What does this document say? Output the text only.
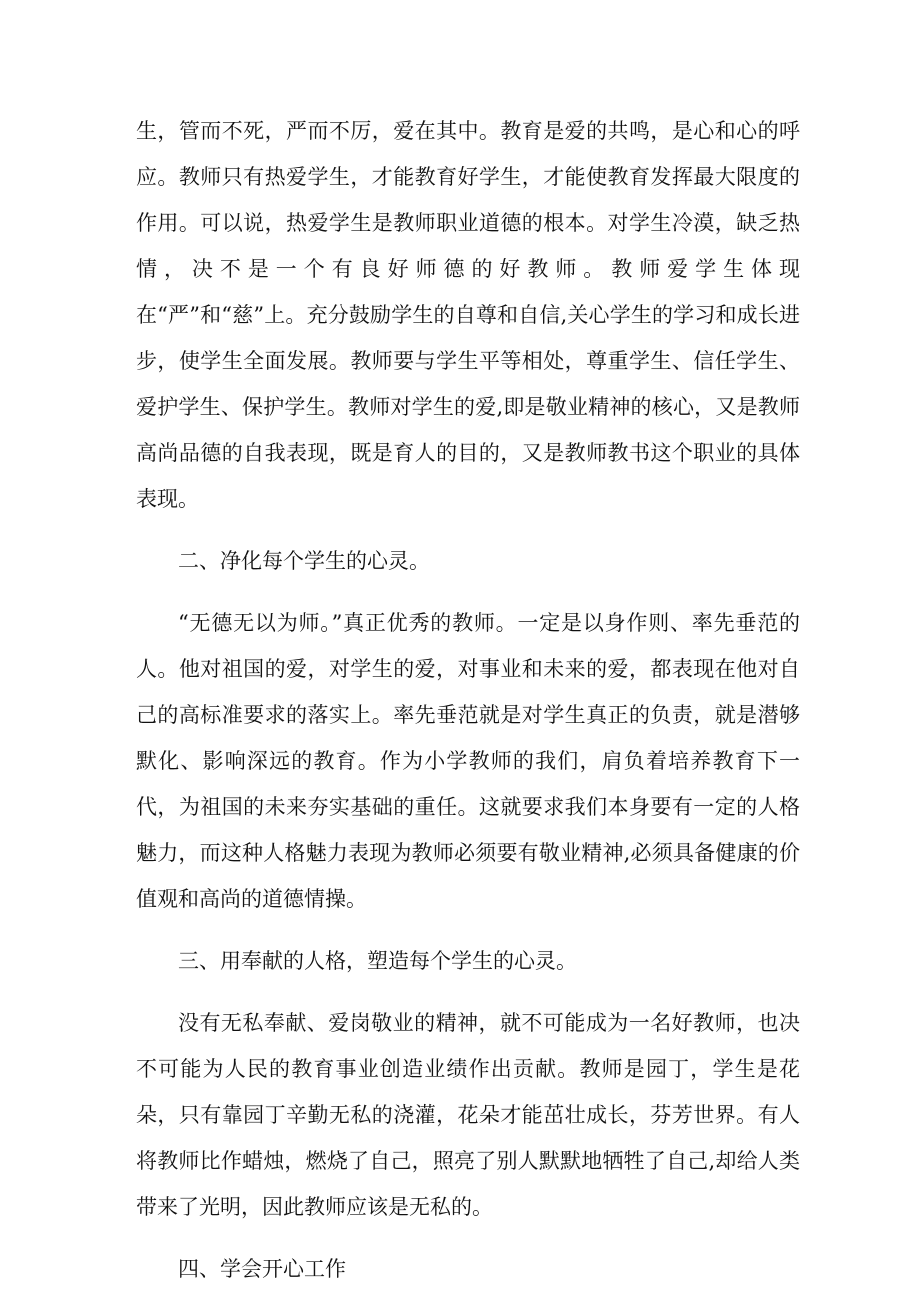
生，管而不死，严而不厉，爱在其中。教育是爱的共鸣，是心和心的呼应。教师只有热爱学生，才能教育好学生，才能使教育发挥最大限度的作用。可以说，热爱学生是教师职业道德的根本。对学生冷漠，缺乏热情，决不是一个有良好师德的好教师。教师爱学生体现在“严”和“慈”上。充分鼓励学生的自尊和自信,关心学生的学习和成长进步，使学生全面发展。教师要与学生平等相处，尊重学生、信任学生、爱护学生、保护学生。教师对学生的爱,即是敬业精神的核心，又是教师高尚品德的自我表现，既是育人的目的，又是教师教书这个职业的具体表现。

二、净化每个学生的心灵。

“无德无以为师。”真正优秀的教师。一定是以身作则、率先垂范的人。他对祖国的爱，对学生的爱，对事业和未来的爱，都表现在他对自己的高标准要求的落实上。率先垂范就是对学生真正的负责，就是潜够默化、影响深远的教育。作为小学教师的我们，肩负着培养教育下一代，为祖国的未来夯实基础的重任。这就要求我们本身要有一定的人格魅力，而这种人格魅力表现为教师必须要有敬业精神,必须具备健康的价值观和高尚的道德情操。

三、用奉献的人格，塑造每个学生的心灵。

没有无私奉献、爱岗敬业的精神，就不可能成为一名好教师，也决不可能为人民的教育事业创造业绩作出贡献。教师是园丁，学生是花朵，只有靠园丁辛勤无私的浇灌，花朵才能茁壮成长，芬芳世界。有人将教师比作蜡烛，燃烧了自己，照亮了别人默默地牺牲了自己,却给人类带来了光明，因此教师应该是无私的。

四、学会开心工作
